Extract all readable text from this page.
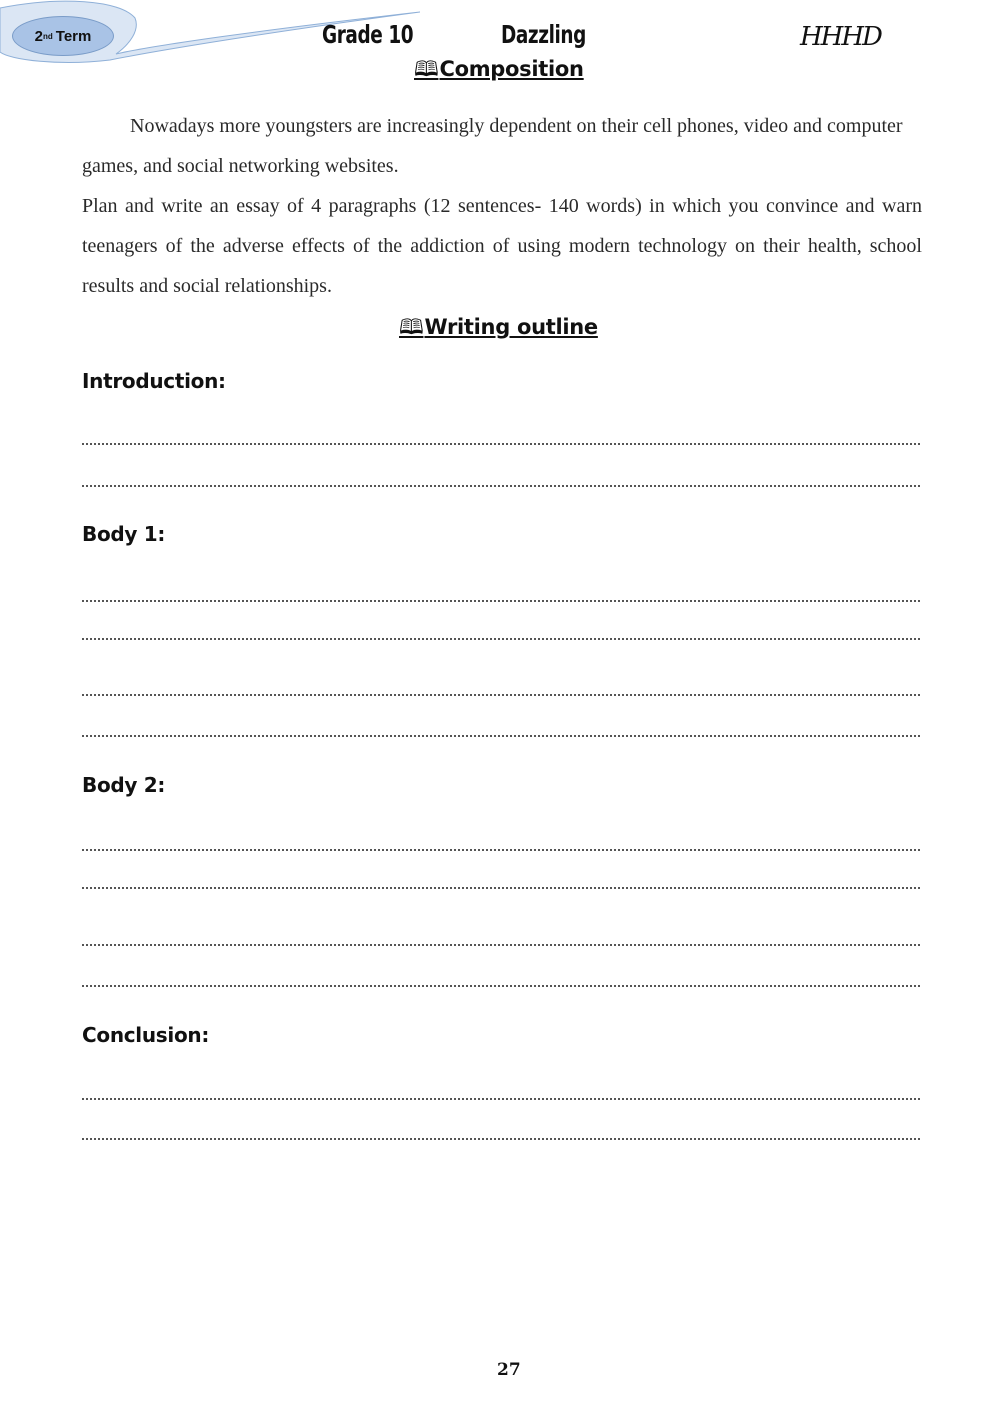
2 nd Term	Grade 10	Dazzling	HHHD
🕮Composition
Nowadays more youngsters are increasingly dependent on their cell phones, video and computer games, and social networking websites.
Plan and write an essay of 4 paragraphs (12 sentences- 140 words) in which you convince and warn teenagers of the adverse effects of the addiction of using modern technology on their health, school results and social relationships.
🕮Writing outline
Introduction:
Body 1:
Body 2:
Conclusion:
27
